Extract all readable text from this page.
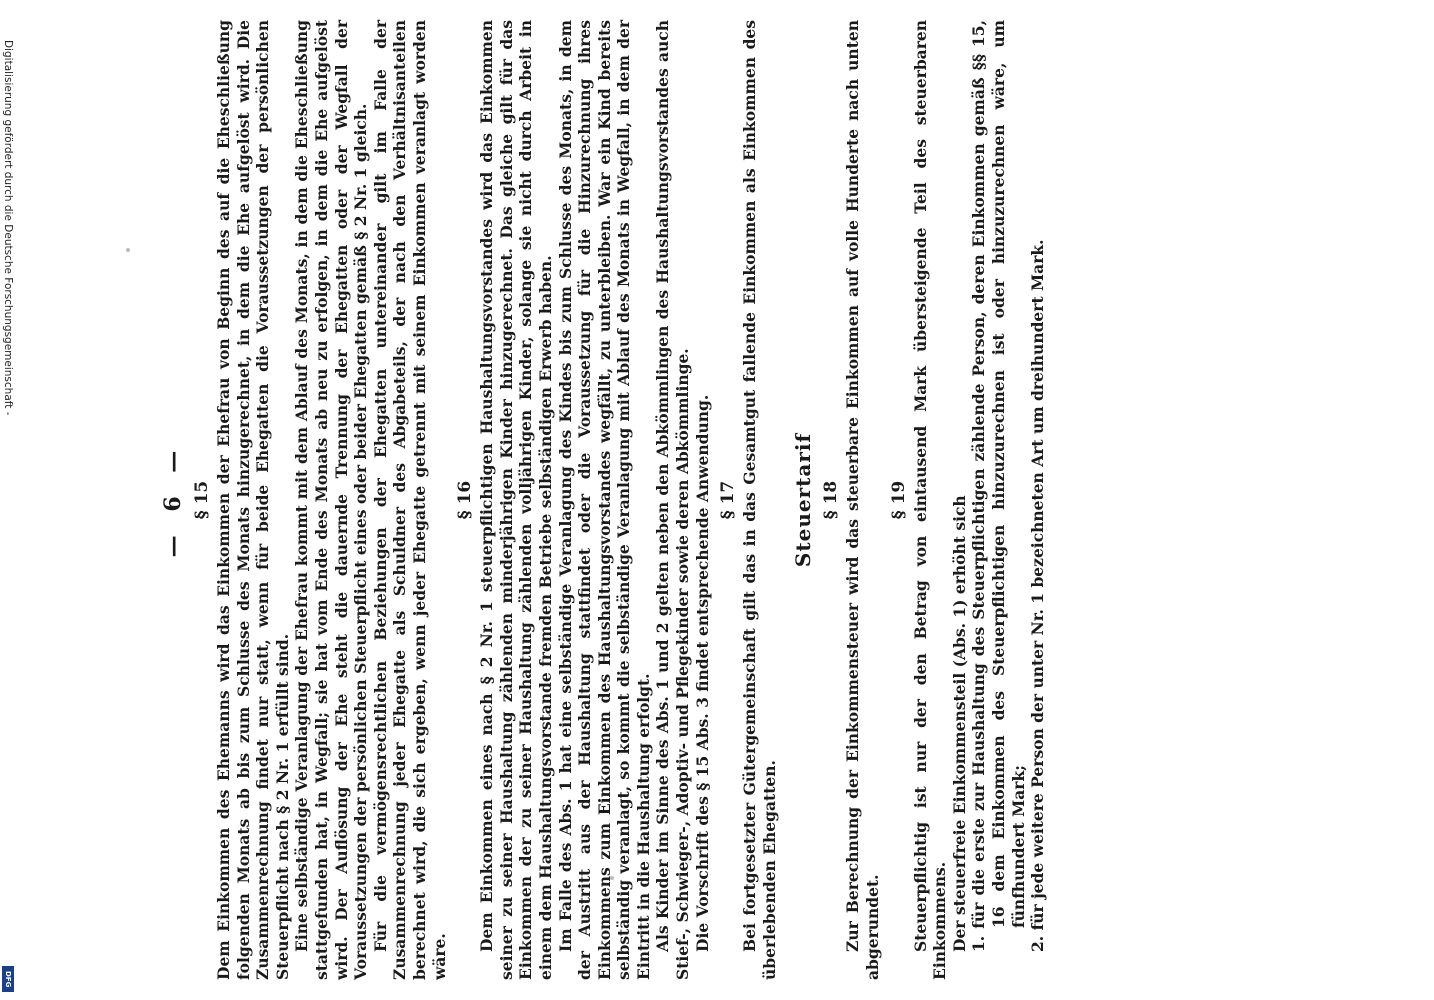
Digitalisierung gefördert durch die Deutsche Forschungsgemeinschaft -
DFG
— 6 — § 15 Dem Einkommen des Ehemanns wird das Einkommen der Ehefrau von Beginn des auf die Eheschließung folgenden Monats ab bis zum Schlusse des Monats hinzugerechnet, in dem die Ehe aufgelöst wird. Die Zusammenrechnung findet nur statt, wenn für beide Ehegatten die Voraussetzungen der persönlichen Steuerpflicht nach § 2 Nr. 1 erfüllt sind. Eine selbständige Veranlagung der Ehefrau kommt mit dem Ablauf des Monats, in dem die Eheschließung stattgefunden hat, in Wegfall; sie hat vom Ende des Monats ab neu zu erfolgen, in dem die Ehe aufgelöst wird. Der Auflösung der Ehe steht die dauernde Trennung der Ehegatten oder der Wegfall der Voraussetzungen der persönlichen Steuerpflicht eines oder beider Ehegatten gemäß § 2 Nr. 1 gleich. Für die vermögensrechtlichen Beziehungen der Ehegatten untereinander gilt im Falle der Zusammenrechnung jeder Ehegatte als Schuldner des Abgabeteils, der nach den Verhältnisanteilen berechnet wird, die sich ergeben, wenn jeder Ehegatte getrennt mit seinem Einkommen veranlagt worden wäre.

§ 16 Dem Einkommen eines nach § 2 Nr. 1 steuerpflichtigen Haushaltungsvorstandes wird das Einkommen seiner zu seiner Haushaltung zählenden minderjährigen Kinder hinzugerechnet. Das gleiche gilt für das Einkommen der zu seiner Haushaltung zählenden volljährigen Kinder, solange sie nicht durch Arbeit in einem dem Haushaltungsvorstande fremden Betriebe selbständigen Erwerb haben. Im Falle des Abs. 1 hat eine selbständige Veranlagung des Kindes bis zum Schlusse des Monats, in dem der Austritt aus der Haushaltung stattfindet oder die Voraussetzung für die Hinzurechnung ihres Einkommens zum Einkommen des Haushaltungsvorstandes wegfällt, zu unterbleiben. War ein Kind bereits selbständig veranlagt, so kommt die selbständige Veranlagung mit Ablauf des Monats in Wegfall, in dem der Eintritt in die Haushaltung erfolgt. Als Kinder im Sinne des Abs. 1 und 2 gelten neben den Abkömmlingen des Haushaltungsvorstandes auch Stief-, Schwieger-, Adoptiv- und Pflegekinder sowie deren Abkömmlinge. Die Vorschrift des § 15 Abs. 3 findet entsprechende Anwendung. § 17 Bei fortgesetzter Gütergemeinschaft gilt das in das Gesamtgut fallende Einkommen als Einkommen des überlebenden Ehegatten.

Steuertarif § 18 Zur Berechnung der Einkommensteuer wird das steuerbare Einkommen auf volle Hunderte nach unten abgerundet.

§ 19 Steuerpflichtig ist nur der den Betrag von eintausend Mark übersteigende Teil des steuerbaren Einkommens. Der steuerfreie Einkommensteil (Abs. 1) erhöht sich 1. für die erste zur Haushaltung des Steuerpflichtigen zählende Person, deren Einkommen gemäß §§ 15, 16 dem Einkommen des Steuerpflichtigen hinzuzurechnen ist oder hinzuzurechnen wäre, um fünfhundert Mark; 2. für jede weitere Person der unter Nr. 1 bezeichneten Art um dreihundert Mark.
